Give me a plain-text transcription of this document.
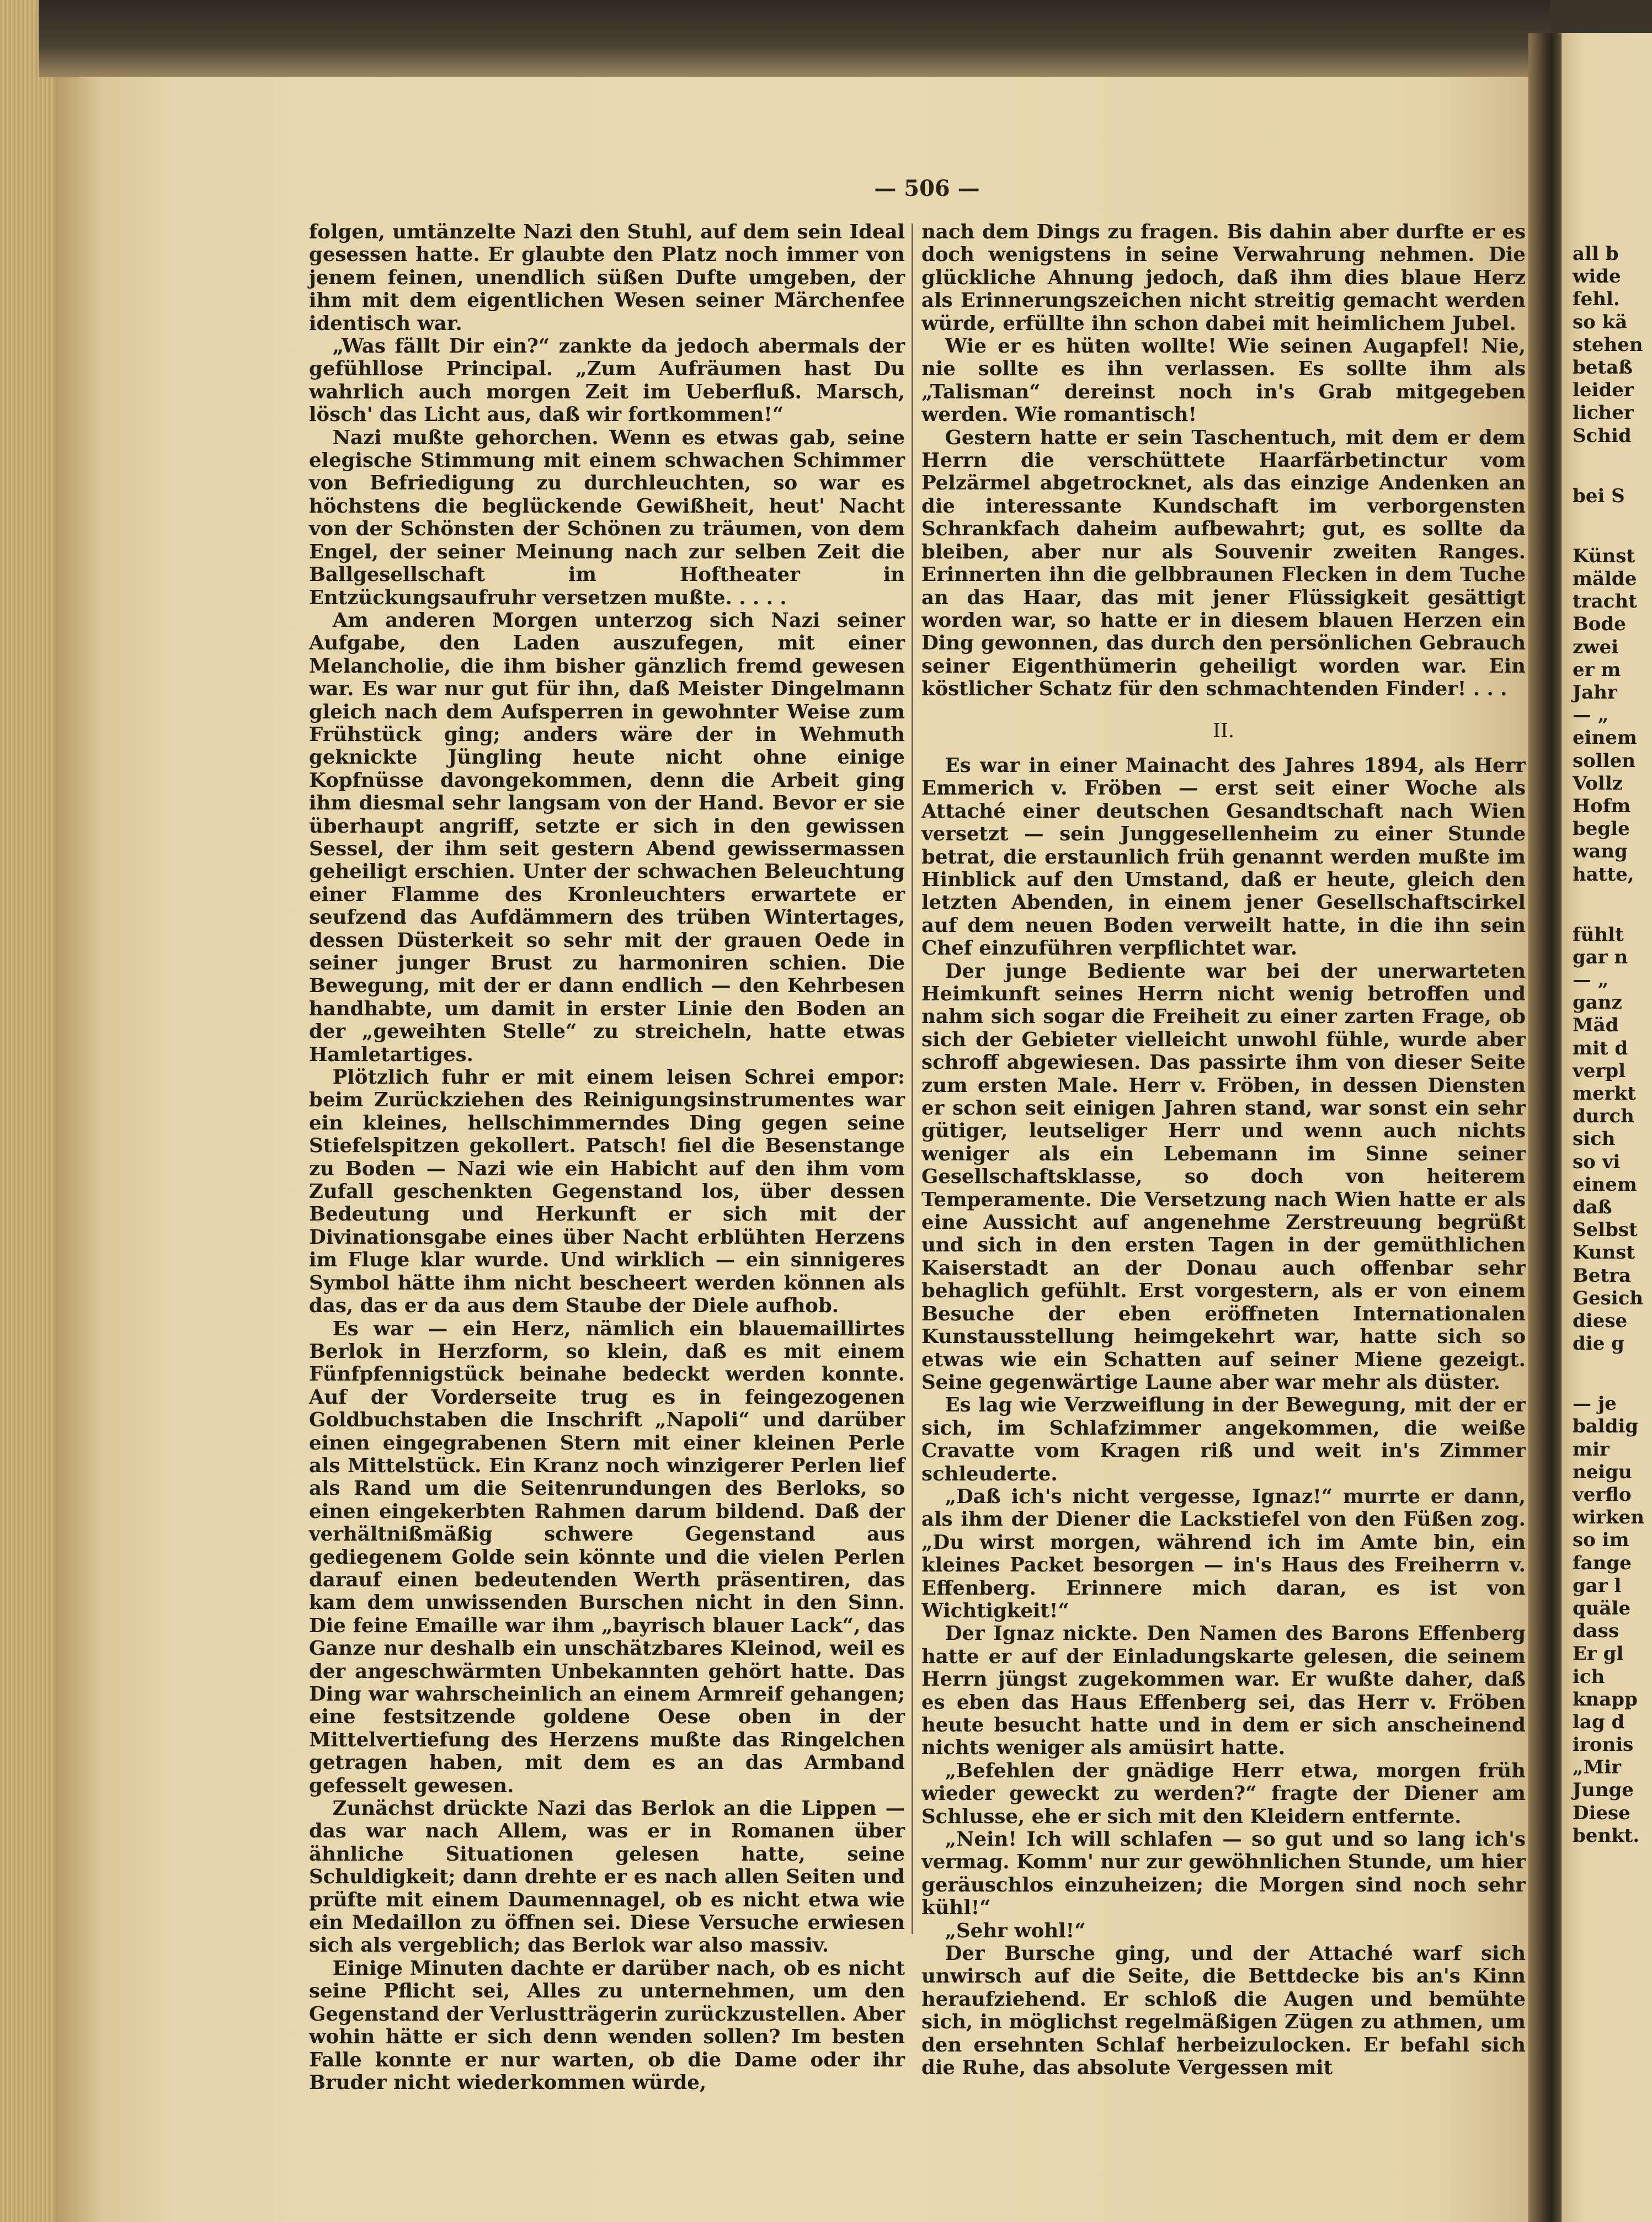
all b
wide
fehl.
so kä
stehen
betaß
leider
licher
Schid
bei S
Künst
mälde
tracht
Bode
zwei
er m
Jahr
— „
einem
sollen
Vollz
Hofm
begle
wang
hatte,
fühlt
gar n
— „
ganz
Mäd
mit d
verpl
merkt
durch
sich
so vi
einem
daß
Selbst
Kunst
Betra
Gesich
diese
die g
— je
baldig
mir
neigu
verflo
wirken
so im
fange
gar l
quäle
dass
Er gl
ich
knapp
lag d
ironis
„Mir
Junge
Diese
benkt.
— 506 —

folgen, umtänzelte Nazi den Stuhl, auf dem sein Ideal gesessen hatte. Er glaubte den Platz noch immer von jenem feinen, unendlich süßen Dufte umgeben, der ihm mit dem eigentlichen Wesen seiner Märchenfee identisch war.

„Was fällt Dir ein?“ zankte da jedoch abermals der gefühllose Principal. „Zum Aufräumen hast Du wahrlich auch morgen Zeit im Ueberfluß. Marsch, lösch' das Licht aus, daß wir fortkommen!“

Nazi mußte gehorchen. Wenn es etwas gab, seine elegische Stimmung mit einem schwachen Schimmer von Befriedigung zu durchleuchten, so war es höchstens die beglückende Gewißheit, heut' Nacht von der Schönsten der Schönen zu träumen, von dem Engel, der seiner Meinung nach zur selben Zeit die Ballgesellschaft im Hoftheater in Entzückungsaufruhr versetzen mußte. . . . .

Am anderen Morgen unterzog sich Nazi seiner Aufgabe, den Laden auszufegen, mit einer Melancholie, die ihm bisher gänzlich fremd gewesen war. Es war nur gut für ihn, daß Meister Dingelmann gleich nach dem Aufsperren in gewohnter Weise zum Frühstück ging; anders wäre der in Wehmuth geknickte Jüngling heute nicht ohne einige Kopfnüsse davongekommen, denn die Arbeit ging ihm diesmal sehr langsam von der Hand. Bevor er sie überhaupt angriff, setzte er sich in den gewissen Sessel, der ihm seit gestern Abend gewissermassen geheiligt erschien. Unter der schwachen Beleuchtung einer Flamme des Kronleuchters erwartete er seufzend das Aufdämmern des trüben Wintertages, dessen Düsterkeit so sehr mit der grauen Oede in seiner junger Brust zu harmoniren schien. Die Bewegung, mit der er dann endlich — den Kehrbesen handhabte, um damit in erster Linie den Boden an der „geweihten Stelle“ zu streicheln, hatte etwas Hamletartiges.

Plötzlich fuhr er mit einem leisen Schrei empor: beim Zurückziehen des Reinigungsinstrumentes war ein kleines, hellschimmerndes Ding gegen seine Stiefelspitzen gekollert. Patsch! fiel die Besenstange zu Boden — Nazi wie ein Habicht auf den ihm vom Zufall geschenkten Gegenstand los, über dessen Bedeutung und Herkunft er sich mit der Divinationsgabe eines über Nacht erblühten Herzens im Fluge klar wurde. Und wirklich — ein sinnigeres Symbol hätte ihm nicht bescheert werden können als das, das er da aus dem Staube der Diele aufhob.

Es war — ein Herz, nämlich ein blauemaillirtes Berlok in Herzform, so klein, daß es mit einem Fünfpfennigstück beinahe bedeckt werden konnte. Auf der Vorderseite trug es in feingezogenen Goldbuchstaben die Inschrift „Napoli“ und darüber einen eingegrabenen Stern mit einer kleinen Perle als Mittelstück. Ein Kranz noch winzigerer Perlen lief als Rand um die Seitenrundungen des Berloks, so einen eingekerbten Rahmen darum bildend. Daß der verhältnißmäßig schwere Gegenstand aus gediegenem Golde sein könnte und die vielen Perlen darauf einen bedeutenden Werth präsentiren, das kam dem unwissenden Burschen nicht in den Sinn. Die feine Emaille war ihm „bayrisch blauer Lack“, das Ganze nur deshalb ein unschätzbares Kleinod, weil es der angeschwärmten Unbekannten gehört hatte. Das Ding war wahrscheinlich an einem Armreif gehangen; eine festsitzende goldene Oese oben in der Mittelvertiefung des Herzens mußte das Ringelchen getragen haben, mit dem es an das Armband gefesselt gewesen.

Zunächst drückte Nazi das Berlok an die Lippen — das war nach Allem, was er in Romanen über ähnliche Situationen gelesen hatte, seine Schuldigkeit; dann drehte er es nach allen Seiten und prüfte mit einem Daumennagel, ob es nicht etwa wie ein Medaillon zu öffnen sei. Diese Versuche erwiesen sich als vergeblich; das Berlok war also massiv.

Einige Minuten dachte er darüber nach, ob es nicht seine Pflicht sei, Alles zu unternehmen, um den Gegenstand der Verlustträgerin zurückzustellen. Aber wohin hätte er sich denn wenden sollen? Im besten Falle konnte er nur warten, ob die Dame oder ihr Bruder nicht wiederkommen würde,

nach dem Dings zu fragen. Bis dahin aber durfte er es doch wenigstens in seine Verwahrung nehmen. Die glückliche Ahnung jedoch, daß ihm dies blaue Herz als Erinnerungszeichen nicht streitig gemacht werden würde, erfüllte ihn schon dabei mit heimlichem Jubel.

Wie er es hüten wollte! Wie seinen Augapfel! Nie, nie sollte es ihn verlassen. Es sollte ihm als „Talisman“ dereinst noch in's Grab mitgegeben werden. Wie romantisch!

Gestern hatte er sein Taschentuch, mit dem er dem Herrn die verschüttete Haarfärbetinctur vom Pelzärmel abgetrocknet, als das einzige Andenken an die interessante Kundschaft im verborgensten Schrankfach daheim aufbewahrt; gut, es sollte da bleiben, aber nur als Souvenir zweiten Ranges. Erinnerten ihn die gelbbraunen Flecken in dem Tuche an das Haar, das mit jener Flüssigkeit gesättigt worden war, so hatte er in diesem blauen Herzen ein Ding gewonnen, das durch den persönlichen Gebrauch seiner Eigenthümerin geheiligt worden war. Ein köstlicher Schatz für den schmachtenden Finder! . . .

II.

Es war in einer Mainacht des Jahres 1894, als Herr Emmerich v. Fröben — erst seit einer Woche als Attaché einer deutschen Gesandtschaft nach Wien versetzt — sein Junggesellenheim zu einer Stunde betrat, die erstaunlich früh genannt werden mußte im Hinblick auf den Umstand, daß er heute, gleich den letzten Abenden, in einem jener Gesellschaftscirkel auf dem neuen Boden verweilt hatte, in die ihn sein Chef einzuführen verpflichtet war.

Der junge Bediente war bei der unerwarteten Heimkunft seines Herrn nicht wenig betroffen und nahm sich sogar die Freiheit zu einer zarten Frage, ob sich der Gebieter vielleicht unwohl fühle, wurde aber schroff abgewiesen. Das passirte ihm von dieser Seite zum ersten Male. Herr v. Fröben, in dessen Diensten er schon seit einigen Jahren stand, war sonst ein sehr gütiger, leutseliger Herr und wenn auch nichts weniger als ein Lebemann im Sinne seiner Gesellschaftsklasse, so doch von heiterem Temperamente. Die Versetzung nach Wien hatte er als eine Aussicht auf angenehme Zerstreuung begrüßt und sich in den ersten Tagen in der gemüthlichen Kaiserstadt an der Donau auch offenbar sehr behaglich gefühlt. Erst vorgestern, als er von einem Besuche der eben eröffneten Internationalen Kunstausstellung heimgekehrt war, hatte sich so etwas wie ein Schatten auf seiner Miene gezeigt. Seine gegenwärtige Laune aber war mehr als düster.

Es lag wie Verzweiflung in der Bewegung, mit der er sich, im Schlafzimmer angekommen, die weiße Cravatte vom Kragen riß und weit in's Zimmer schleuderte.

„Daß ich's nicht vergesse, Ignaz!“ murrte er dann, als ihm der Diener die Lackstiefel von den Füßen zog. „Du wirst morgen, während ich im Amte bin, ein kleines Packet besorgen — in's Haus des Freiherrn v. Effenberg. Erinnere mich daran, es ist von Wichtigkeit!“

Der Ignaz nickte. Den Namen des Barons Effenberg hatte er auf der Einladungskarte gelesen, die seinem Herrn jüngst zugekommen war. Er wußte daher, daß es eben das Haus Effenberg sei, das Herr v. Fröben heute besucht hatte und in dem er sich anscheinend nichts weniger als amüsirt hatte.

„Befehlen der gnädige Herr etwa, morgen früh wieder geweckt zu werden?“ fragte der Diener am Schlusse, ehe er sich mit den Kleidern entfernte.

„Nein! Ich will schlafen — so gut und so lang ich's vermag. Komm' nur zur gewöhnlichen Stunde, um hier geräuschlos einzuheizen; die Morgen sind noch sehr kühl!“

„Sehr wohl!“

Der Bursche ging, und der Attaché warf sich unwirsch auf die Seite, die Bettdecke bis an's Kinn heraufziehend. Er schloß die Augen und bemühte sich, in möglichst regelmäßigen Zügen zu athmen, um den ersehnten Schlaf herbeizulocken. Er befahl sich die Ruhe, das absolute Vergessen mit
